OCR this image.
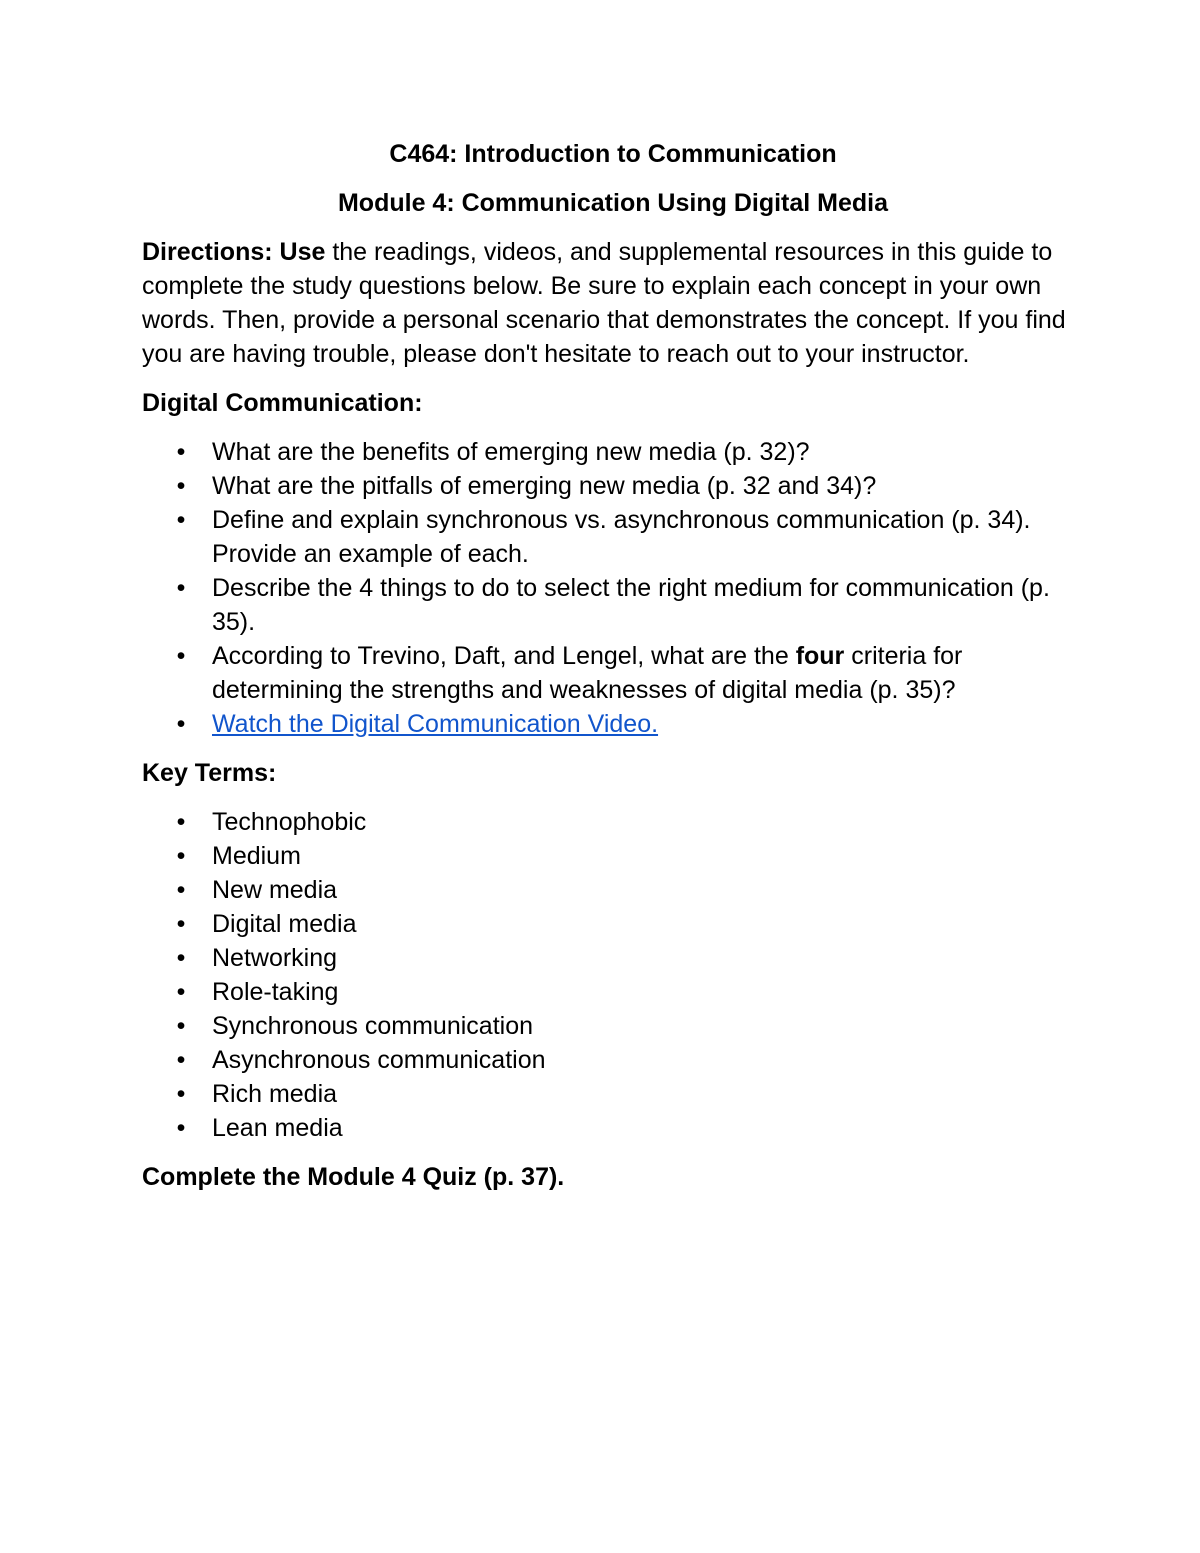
C464: Introduction to Communication

Module 4: Communication Using Digital Media

Directions: Use the readings, videos, and supplemental resources in this guide to complete the study questions below. Be sure to explain each concept in your own words. Then, provide a personal scenario that demonstrates the concept. If you find you are having trouble, please don't hesitate to reach out to your instructor.

Digital Communication:

• What are the benefits of emerging new media (p. 32)?
• What are the pitfalls of emerging new media (p. 32 and 34)?
• Define and explain synchronous vs. asynchronous communication (p. 34). Provide an example of each.
• Describe the 4 things to do to select the right medium for communication (p. 35).
• According to Trevino, Daft, and Lengel, what are the four criteria for determining the strengths and weaknesses of digital media (p. 35)?
• Watch the Digital Communication Video.

Key Terms:

• Technophobic
• Medium
• New media
• Digital media
• Networking
• Role-taking
• Synchronous communication
• Asynchronous communication
• Rich media
• Lean media

Complete the Module 4 Quiz (p. 37).
